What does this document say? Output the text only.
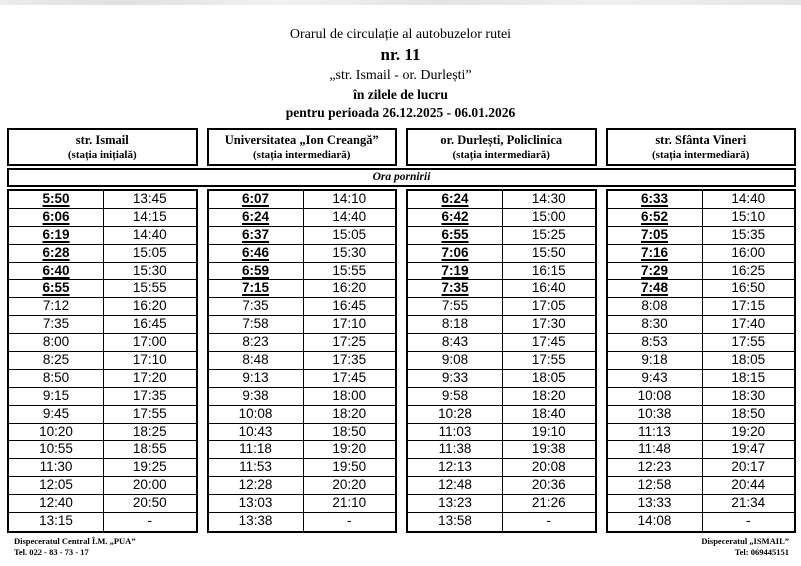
Orarul de circulație al autobuzelor rutei
nr. 11
„str. Ismail - or. Durlești”
în zilele de lucru
pentru perioada 26.12.2025 - 06.01.2026
str. Ismail
(stația inițială)
Universitatea „Ion Creangă”
(stația intermediară)
or. Durlești, Policlinica
(stația intermediară)
str. Sfânta Vineri
(stația intermediară)
Ora pornirii
5:50	13:45
6:06	14:15
6:19	14:40
6:28	15:05
6:40	15:30
6:55	15:55
7:12	16:20
7:35	16:45
8:00	17:00
8:25	17:10
8:50	17:20
9:15	17:35
9:45	17:55
10:20	18:25
10:55	18:55
11:30	19:25
12:05	20:00
12:40	20:50
13:15	-
6:07	14:10
6:24	14:40
6:37	15:05
6:46	15:30
6:59	15:55
7:15	16:20
7:35	16:45
7:58	17:10
8:23	17:25
8:48	17:35
9:13	17:45
9:38	18:00
10:08	18:20
10:43	18:50
11:18	19:20
11:53	19:50
12:28	20:20
13:03	21:10
13:38	-
6:24	14:30
6:42	15:00
6:55	15:25
7:06	15:50
7:19	16:15
7:35	16:40
7:55	17:05
8:18	17:30
8:43	17:45
9:08	17:55
9:33	18:05
9:58	18:20
10:28	18:40
11:03	19:10
11:38	19:38
12:13	20:08
12:48	20:36
13:23	21:26
13:58	-
6:33	14:40
6:52	15:10
7:05	15:35
7:16	16:00
7:29	16:25
7:48	16:50
8:08	17:15
8:30	17:40
8:53	17:55
9:18	18:05
9:43	18:15
10:08	18:30
10:38	18:50
11:13	19:20
11:48	19:47
12:23	20:17
12:58	20:44
13:33	21:34
14:08	-
Dispeceratul Central Î.M. „PUA”
Tel. 022 - 83 - 73 - 17
Dispeceratul „ISMAIL”
Tel: 069445151
